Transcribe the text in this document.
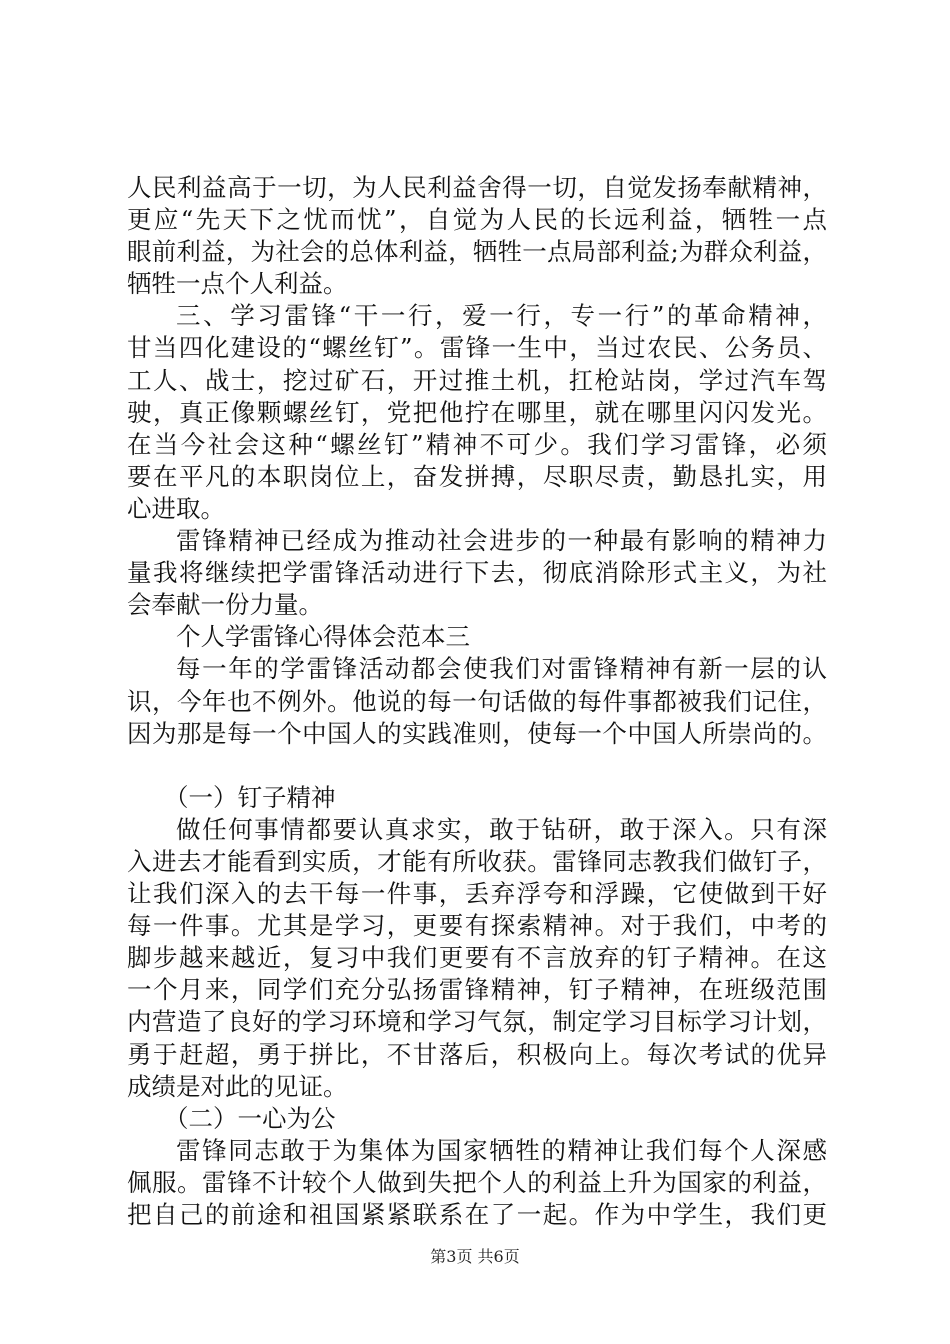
人民利益高于一切，为人民利益舍得一切，自觉发扬奉献精神，
更应“先天下之忧而忧”，自觉为人民的长远利益，牺牲一点
眼前利益，为社会的总体利益，牺牲一点局部利益;为群众利益，
牺牲一点个人利益。
三、学习雷锋“干一行，爱一行，专一行”的革命精神，
甘当四化建设的“螺丝钉”。雷锋一生中，当过农民、公务员、
工人、战士，挖过矿石，开过推土机，扛枪站岗，学过汽车驾
驶，真正像颗螺丝钉，党把他拧在哪里，就在哪里闪闪发光。
在当今社会这种“螺丝钉”精神不可少。我们学习雷锋，必须
要在平凡的本职岗位上，奋发拼搏，尽职尽责，勤恳扎实，用
心进取。
雷锋精神已经成为推动社会进步的一种最有影响的精神力
量我将继续把学雷锋活动进行下去，彻底消除形式主义，为社
会奉献一份力量。
个人学雷锋心得体会范本三
每一年的学雷锋活动都会使我们对雷锋精神有新一层的认
识，今年也不例外。他说的每一句话做的每件事都被我们记住，
因为那是每一个中国人的实践准则，使每一个中国人所崇尚的。
（一）钉子精神
做任何事情都要认真求实，敢于钻研，敢于深入。只有深
入进去才能看到实质，才能有所收获。雷锋同志教我们做钉子，
让我们深入的去干每一件事，丢弃浮夸和浮躁，它使做到干好
每一件事。尤其是学习，更要有探索精神。对于我们，中考的
脚步越来越近，复习中我们更要有不言放弃的钉子精神。在这
一个月来，同学们充分弘扬雷锋精神，钉子精神，在班级范围
内营造了良好的学习环境和学习气氛，制定学习目标学习计划，
勇于赶超，勇于拼比，不甘落后，积极向上。每次考试的优异
成绩是对此的见证。
（二）一心为公
雷锋同志敢于为集体为国家牺牲的精神让我们每个人深感
佩服。雷锋不计较个人做到失把个人的利益上升为国家的利益，
把自己的前途和祖国紧紧联系在了一起。作为中学生，我们更
第3页 共6页
